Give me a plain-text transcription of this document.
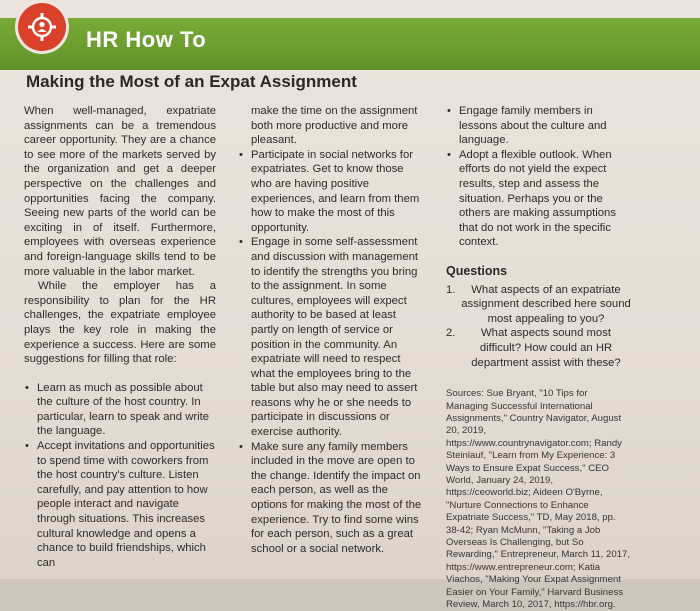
HR How To
Making the Most of an Expat Assignment

When well-managed, expatriate assignments can be a tremendous career opportunity. They are a chance to see more of the markets served by the organization and get a deeper perspective on the challenges and opportunities facing the company. Seeing new parts of the world can be exciting in of itself. Furthermore, employees with overseas experience and foreign-language skills tend to be more valuable in the labor market.

While the employer has a responsibility to plan for the HR challenges, the expatriate employee plays the key role in making the experience a success. Here are some suggestions for filling that role:

• Learn as much as possible about the culture of the host country. In particular, learn to speak and write the language.
• Accept invitations and opportunities to spend time with coworkers from the host country's culture. Listen carefully, and pay attention to how people interact and navigate through situations. This increases cultural knowledge and opens a chance to build friendships, which can

make the time on the assignment both more productive and more pleasant.

• Participate in social networks for expatriates. Get to know those who are having positive experiences, and learn from them how to make the most of this opportunity.
• Engage in some self-assessment and discussion with management to identify the strengths you bring to the assignment. In some cultures, employees will expect authority to be based at least partly on length of service or position in the community. An expatriate will need to respect what the employees bring to the table but also may need to assert reasons why he or she needs to participate in discussions or exercise authority.
• Make sure any family members included in the move are open to the change. Identify the impact on each person, as well as the options for making the most of the experience. Try to find some wins for each person, such as a great school or a social network.
• Engage family members in lessons about the culture and language.
• Adopt a flexible outlook. When efforts do not yield the expect results, step and assess the situation. Perhaps you or the others are making assumptions that do not work in the specific context.
Questions
1. What aspects of an expatriate assignment described here sound most appealing to you?
2. What aspects sound most difficult? How could an HR department assist with these?
Sources: Sue Bryant, "10 Tips for Managing Successful International Assignments," Country Navigator, August 20, 2019, https://www.countrynavigator.com; Randy Steinlauf, "Learn from My Experience: 3 Ways to Ensure Expat Success," CEO World, January 24, 2019, https://ceoworld.biz; Aideen O'Byrne, "Nurture Connections to Enhance Expatriate Success," TD, May 2018, pp. 38-42; Ryan McMunn, "Taking a Job Overseas Is Challenging, but So Rewarding," Entrepreneur, March 11, 2017, https://www.entrepreneur.com; Katia Viachos, "Making Your Expat Assignment Easier on Your Family," Harvard Business Review, March 10, 2017, https://hbr.org.
